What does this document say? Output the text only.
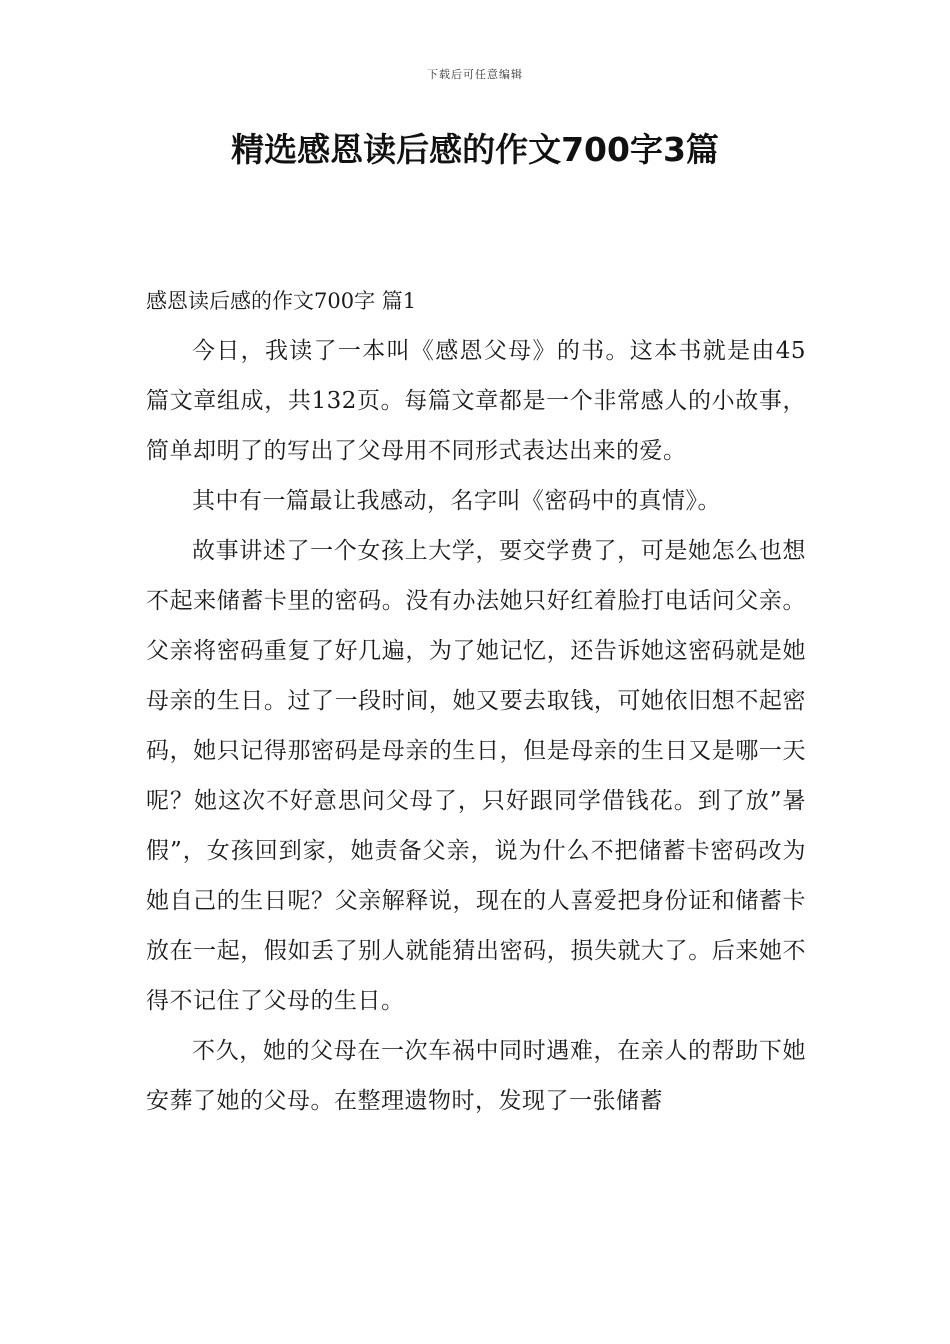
下载后可任意编辑
精选感恩读后感的作文700字3篇

感恩读后感的作文700字 篇1

今日，我读了一本叫《感恩父母》的书。这本书就是由45篇文章组成，共132页。每篇文章都是一个非常感人的小故事，简单却明了的写出了父母用不同形式表达出来的爱。

其中有一篇最让我感动，名字叫《密码中的真情》。

故事讲述了一个女孩上大学，要交学费了，可是她怎么也想不起来储蓄卡里的密码。没有办法她只好红着脸打电话问父亲。父亲将密码重复了好几遍，为了她记忆，还告诉她这密码就是她母亲的生日。过了一段时间，她又要去取钱，可她依旧想不起密码，她只记得那密码是母亲的生日，但是母亲的生日又是哪一天呢？她这次不好意思问父母了，只好跟同学借钱花。到了放”暑假”，女孩回到家，她责备父亲，说为什么不把储蓄卡密码改为她自己的生日呢？父亲解释说，现在的人喜爱把身份证和储蓄卡放在一起，假如丢了别人就能猜出密码，损失就大了。后来她不得不记住了父母的生日。

不久，她的父母在一次车祸中同时遇难，在亲人的帮助下她安葬了她的父母。在整理遗物时，发现了一张储蓄
